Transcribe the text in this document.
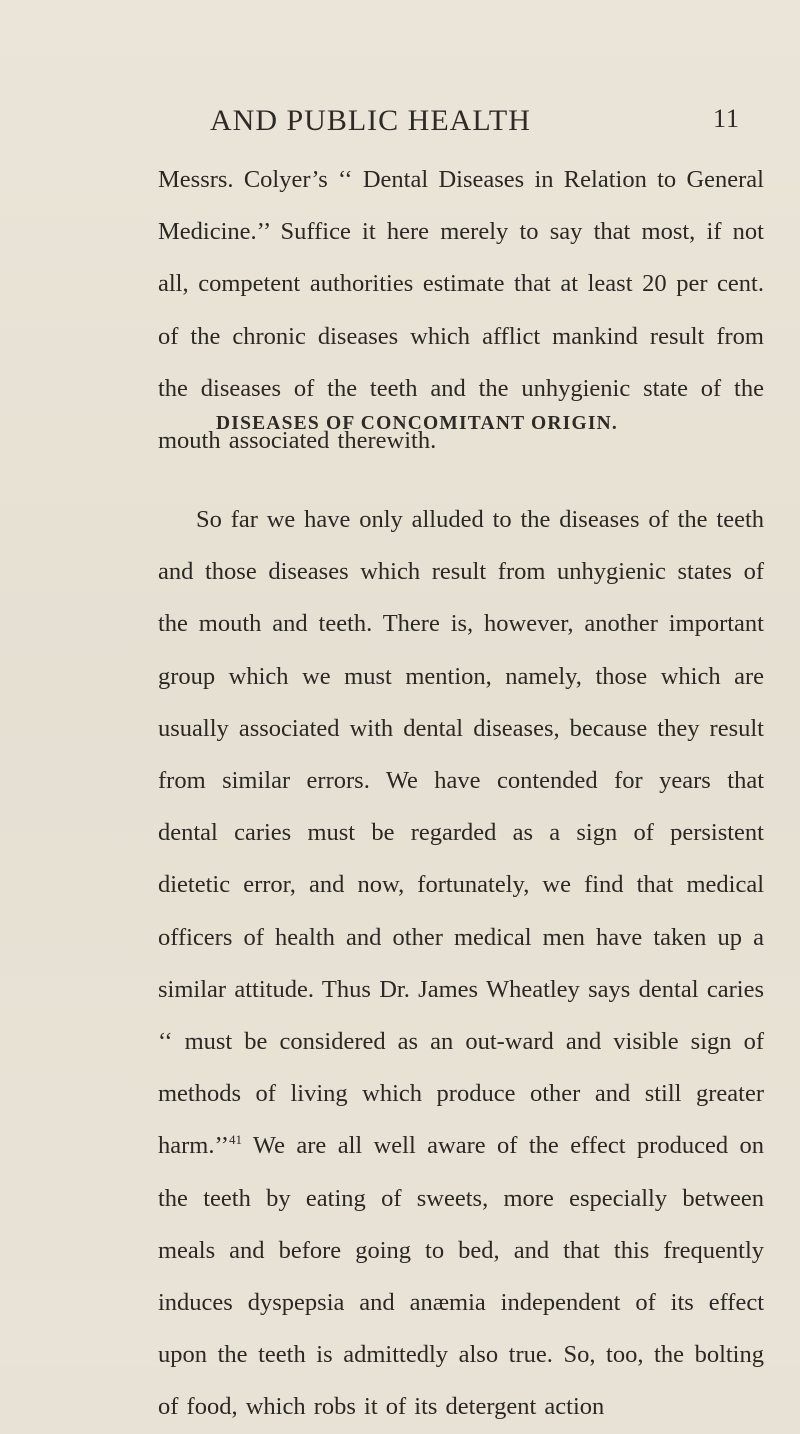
AND PUBLIC HEALTH	11

Messrs. Colyer’s ‘‘ Dental Diseases in Relation to General Medicine.’’ Suffice it here merely to say that most, if not all, competent authorities estimate that at least 20 per cent. of the chronic diseases which afflict mankind result from the diseases of the teeth and the unhygienic state of the mouth associated therewith.

DISEASES OF CONCOMITANT ORIGIN.

So far we have only alluded to the diseases of the teeth and those diseases which result from unhygienic states of the mouth and teeth. There is, however, another important group which we must mention, namely, those which are usually associated with dental diseases, because they result from similar errors. We have contended for years that dental caries must be regarded as a sign of persistent dietetic error, and now, fortunately, we find that medical officers of health and other medical men have taken up a similar attitude. Thus Dr. James Wheatley says dental caries ‘‘ must be considered as an out-ward and visible sign of methods of living which produce other and still greater harm.’’$^{41}$ We are all well aware of the effect produced on the teeth by eating of sweets, more especially between meals and before going to bed, and that this frequently induces dyspepsia and anæmia independent of its effect upon the teeth is admittedly also true. So, too, the bolting of food, which robs it of its detergent action
